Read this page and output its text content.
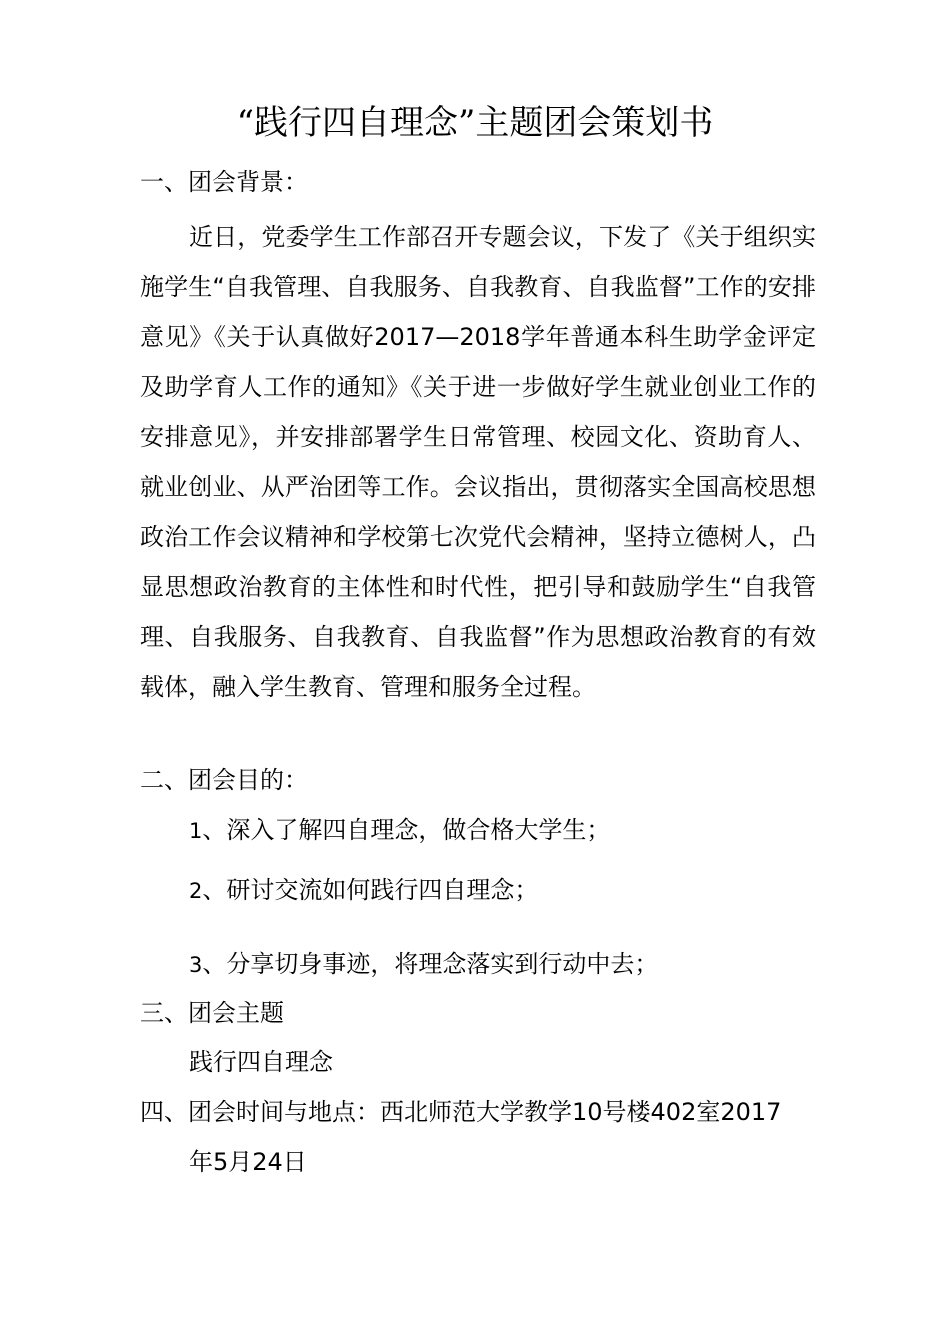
“践行四自理念”主题团会策划书
一、团会背景：
近日，党委学生工作部召开专题会议，下发了《关于组织实施学生“自我管理、自我服务、自我教育、自我监督”工作的安排意见》《关于认真做好2017—2018学年普通本科生助学金评定及助学育人工作的通知》《关于进一步做好学生就业创业工作的安排意见》，并安排部署学生日常管理、校园文化、资助育人、就业创业、从严治团等工作。会议指出，贯彻落实全国高校思想政治工作会议精神和学校第七次党代会精神，坚持立德树人，凸显思想政治教育的主体性和时代性，把引导和鼓励学生“自我管理、自我服务、自我教育、自我监督”作为思想政治教育的有效载体，融入学生教育、管理和服务全过程。
二、团会目的：
1、深入了解四自理念，做合格大学生；
2、研讨交流如何践行四自理念；
3、分享切身事迹，将理念落实到行动中去；
三、团会主题
践行四自理念
四、团会时间与地点：西北师范大学教学10号楼402室2017
年5月24日
